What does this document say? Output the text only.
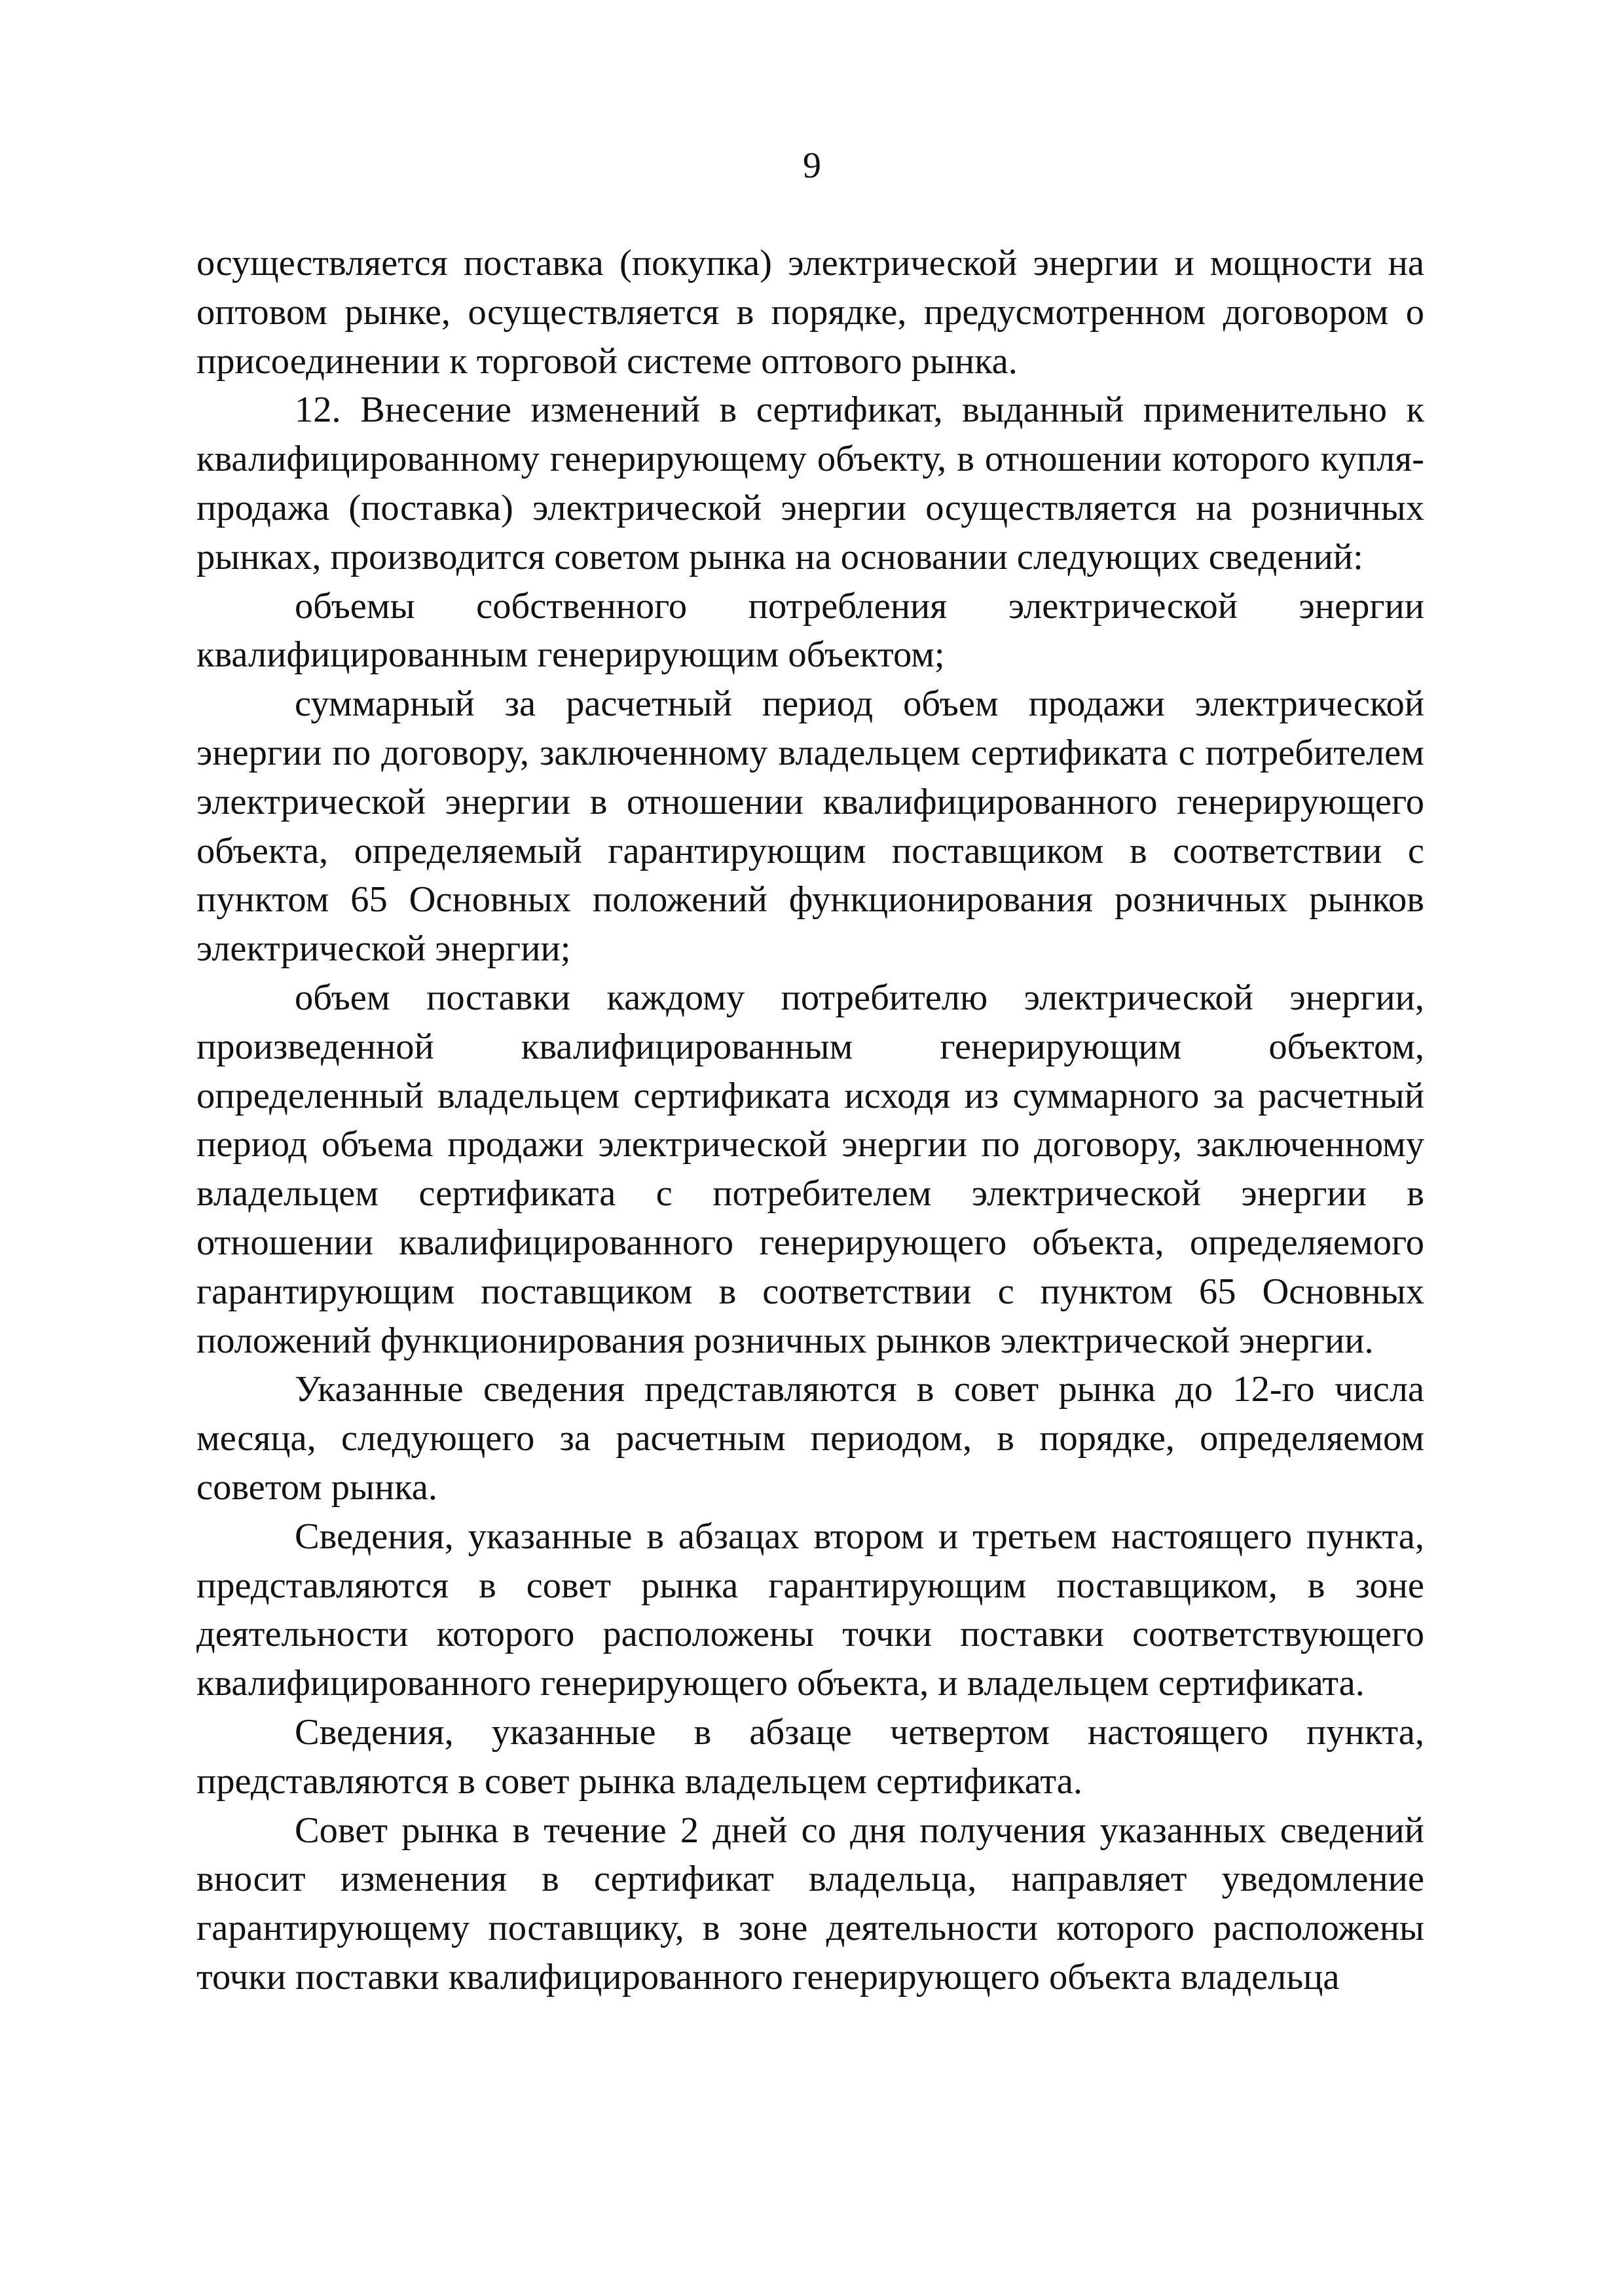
9

осуществляется поставка (покупка) электрической энергии и мощности на оптовом рынке, осуществляется в порядке, предусмотренном договором о присоединении к торговой системе оптового рынка.

12. Внесение изменений в сертификат, выданный применительно к квалифицированному генерирующему объекту, в отношении которого купля-продажа (поставка) электрической энергии осуществляется на розничных рынках, производится советом рынка на основании следующих сведений:

объемы собственного потребления электрической энергии квалифицированным генерирующим объектом;

суммарный за расчетный период объем продажи электрической энергии по договору, заключенному владельцем сертификата с потребителем электрической энергии в отношении квалифицированного генерирующего объекта, определяемый гарантирующим поставщиком в соответствии с пунктом 65 Основных положений функционирования розничных рынков электрической энергии;

объем поставки каждому потребителю электрической энергии, произведенной квалифицированным генерирующим объектом, определенный владельцем сертификата исходя из суммарного за расчетный период объема продажи электрической энергии по договору, заключенному владельцем сертификата с потребителем электрической энергии в отношении квалифицированного генерирующего объекта, определяемого гарантирующим поставщиком в соответствии с пунктом 65 Основных положений функционирования розничных рынков электрической энергии.

Указанные сведения представляются в совет рынка до 12-го числа месяца, следующего за расчетным периодом, в порядке, определяемом советом рынка.

Сведения, указанные в абзацах втором и третьем настоящего пункта, представляются в совет рынка гарантирующим поставщиком, в зоне деятельности которого расположены точки поставки соответствующего квалифицированного генерирующего объекта, и владельцем сертификата.

Сведения, указанные в абзаце четвертом настоящего пункта, представляются в совет рынка владельцем сертификата.

Совет рынка в течение 2 дней со дня получения указанных сведений вносит изменения в сертификат владельца, направляет уведомление гарантирующему поставщику, в зоне деятельности которого расположены точки поставки квалифицированного генерирующего объекта владельца
